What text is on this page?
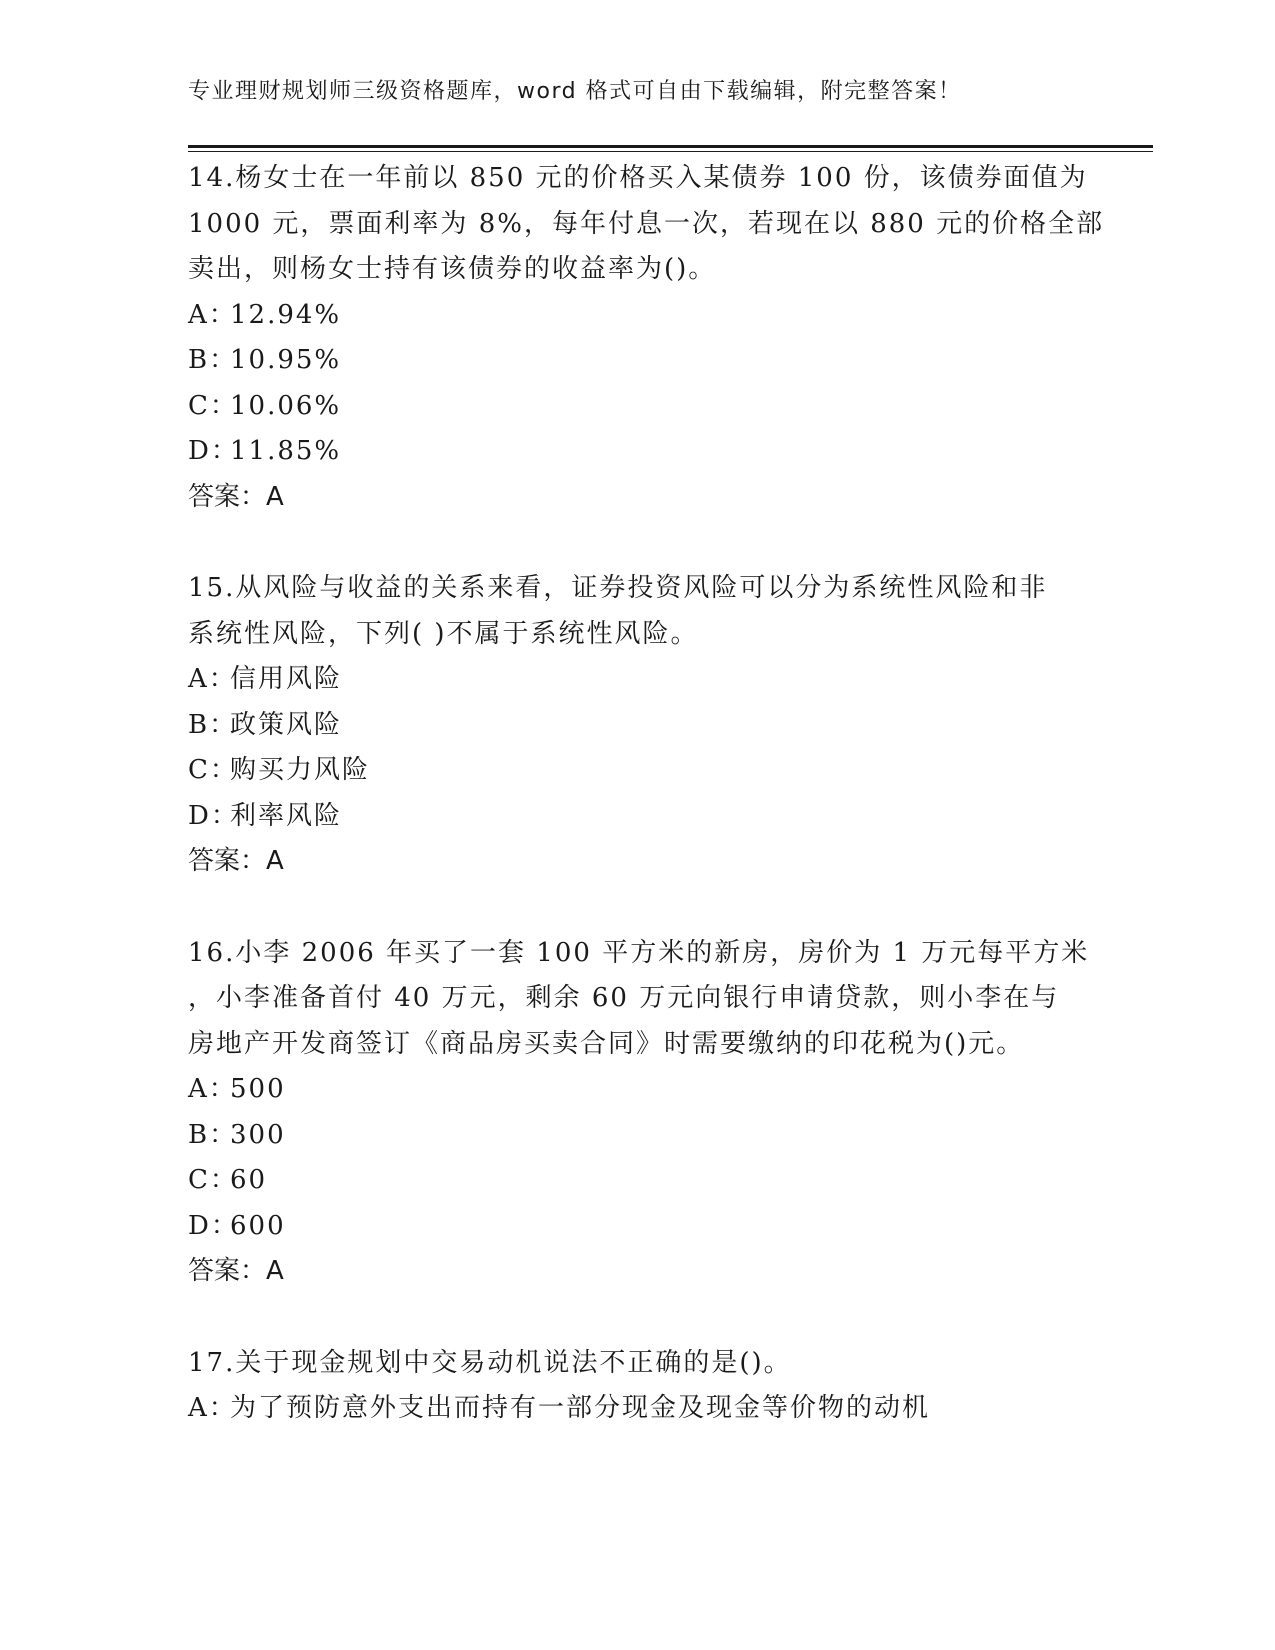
专业理财规划师三级资格题库，word 格式可自由下载编辑，附完整答案！
14.杨女士在一年前以 850 元的价格买入某债券 100 份，该债券面值为
1000 元，票面利率为 8%，每年付息一次，若现在以 880 元的价格全部
卖出，则杨女士持有该债券的收益率为()。
A：12.94%
B：10.95%
C：10.06%
D：11.85%
答案：A
15.从风险与收益的关系来看，证券投资风险可以分为系统性风险和非
系统性风险，下列( )不属于系统性风险。
A：信用风险
B：政策风险
C：购买力风险
D：利率风险
答案：A
16.小李 2006 年买了一套 100 平方米的新房，房价为 1 万元每平方米
，小李准备首付 40 万元，剩余 60 万元向银行申请贷款，则小李在与
房地产开发商签订《商品房买卖合同》时需要缴纳的印花税为()元。
A：500
B：300
C：60
D：600
答案：A
17.关于现金规划中交易动机说法不正确的是()。
A：为了预防意外支出而持有一部分现金及现金等价物的动机
